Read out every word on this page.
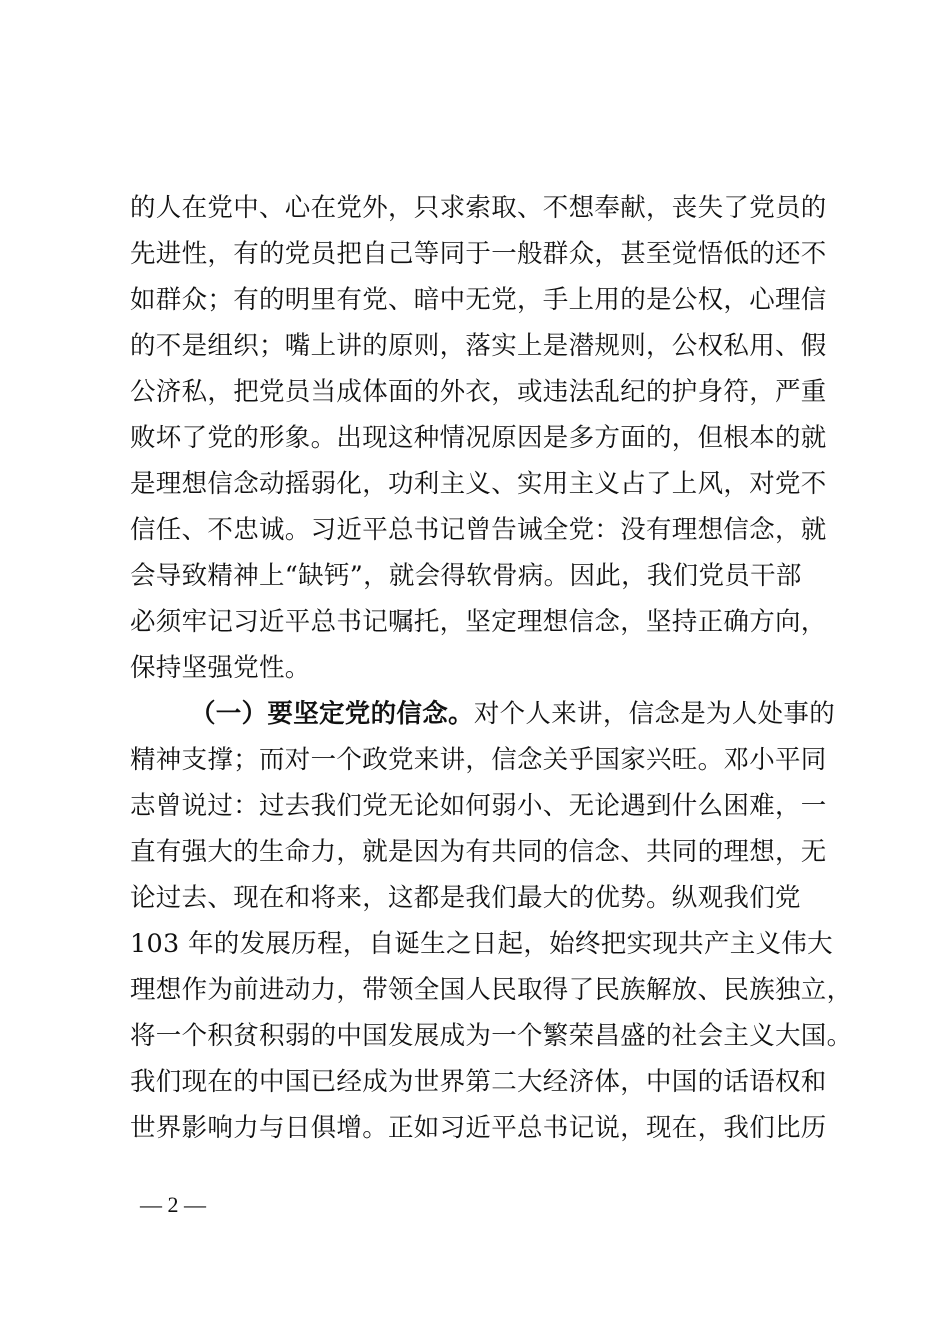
的人在党中、心在党外，只求索取、不想奉献，丧失了党员的
先进性，有的党员把自己等同于一般群众，甚至觉悟低的还不
如群众；有的明里有党、暗中无党，手上用的是公权，心理信
的不是组织；嘴上讲的原则，落实上是潜规则，公权私用、假
公济私，把党员当成体面的外衣，或违法乱纪的护身符，严重
败坏了党的形象。出现这种情况原因是多方面的，但根本的就
是理想信念动摇弱化，功利主义、实用主义占了上风，对党不
信任、不忠诚。习近平总书记曾告诫全党：没有理想信念，就
会导致精神上“缺钙”，就会得软骨病。因此，我们党员干部
必须牢记习近平总书记嘱托，坚定理想信念，坚持正确方向，
保持坚强党性。
（一）要坚定党的信念。对个人来讲，信念是为人处事的
精神支撑；而对一个政党来讲，信念关乎国家兴旺。邓小平同
志曾说过：过去我们党无论如何弱小、无论遇到什么困难，一
直有强大的生命力，就是因为有共同的信念、共同的理想，无
论过去、现在和将来，这都是我们最大的优势。纵观我们党
103 年的发展历程，自诞生之日起，始终把实现共产主义伟大
理想作为前进动力，带领全国人民取得了民族解放、民族独立，
将一个积贫积弱的中国发展成为一个繁荣昌盛的社会主义大国。
我们现在的中国已经成为世界第二大经济体，中国的话语权和
世界影响力与日俱增。正如习近平总书记说，现在，我们比历
— 2 —
